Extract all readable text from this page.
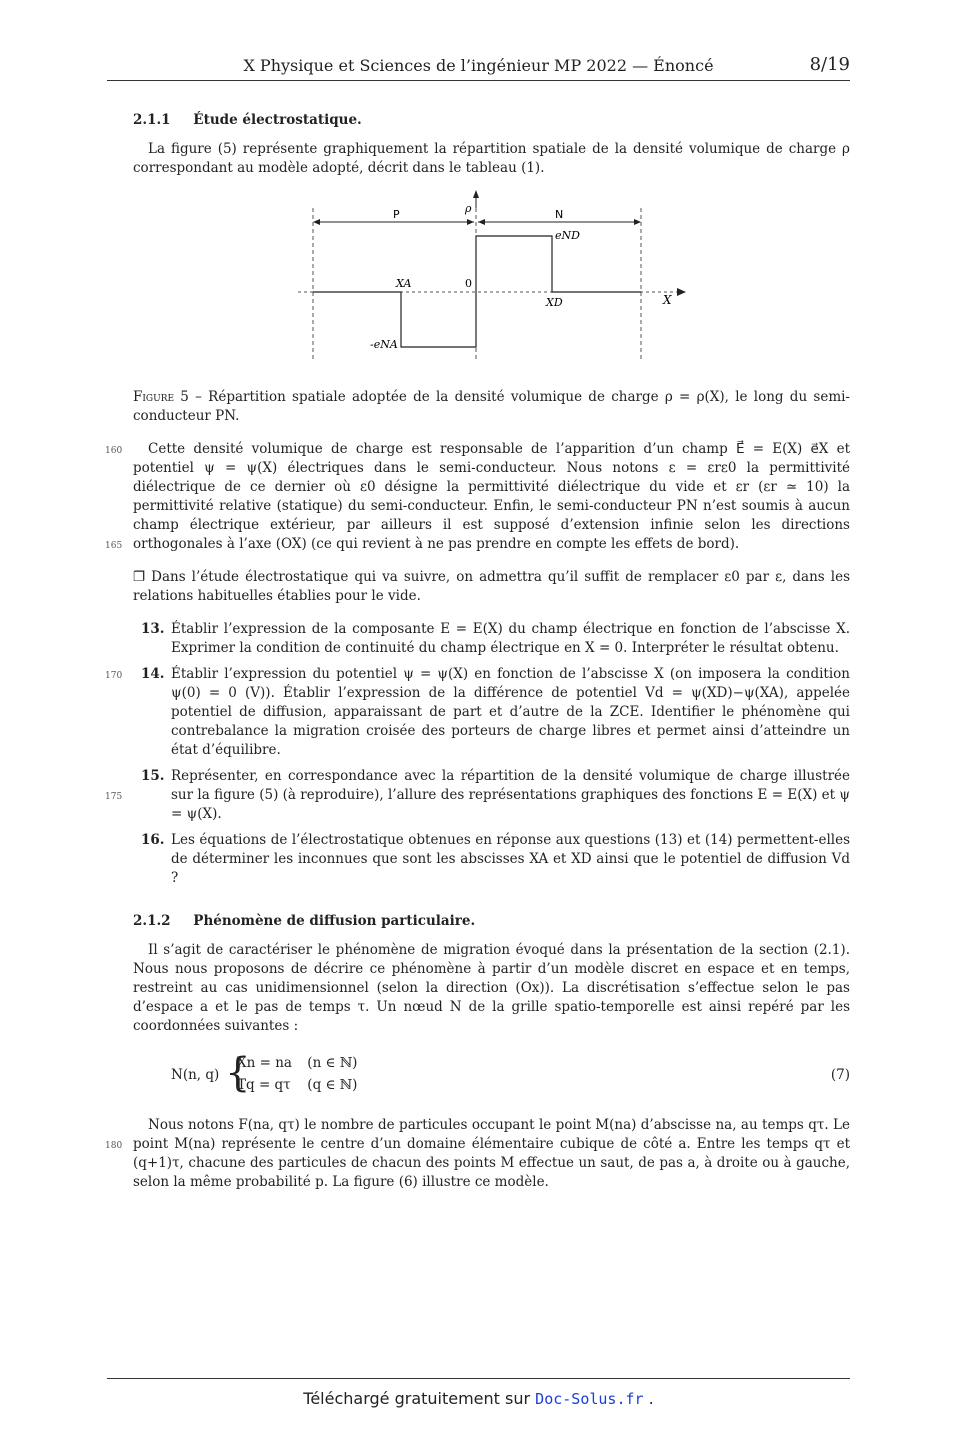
X Physique et Sciences de l’ingénieur MP 2022 — Énoncé	8/19
2.1.1 Étude électrostatique.

La figure (5) représente graphiquement la répartition spatiale de la densité volumique de charge ρ correspondant au modèle adopté, décrit dans le tableau (1).

P	N
ρ
X
0
XA
XD
eND
-eNA

Figure 5 – Répartition spatiale adoptée de la densité volumique de charge ρ = ρ(X), le long du semi-conducteur PN.

160
165

Cette densité volumique de charge est responsable de l’apparition d’un champ E⃗ = E(X) e⃗X et potentiel ψ = ψ(X) électriques dans le semi-conducteur. Nous notons ε = εrε0 la permittivité diélectrique de ce dernier où ε0 désigne la permittivité diélectrique du vide et εr (εr ≃ 10) la permittivité relative (statique) du semi-conducteur. Enfin, le semi-conducteur PN n’est soumis à aucun champ électrique extérieur, par ailleurs il est supposé d’extension infinie selon les directions orthogonales à l’axe (OX) (ce qui revient à ne pas prendre en compte les effets de bord).

❐ Dans l’étude électrostatique qui va suivre, on admettra qu’il suffit de remplacer ε0 par ε, dans les relations habituelles établies pour le vide.

13. Établir l’expression de la composante E = E(X) du champ électrique en fonction de l’abscisse X. Exprimer la condition de continuité du champ électrique en X = 0. Interpréter le résultat obtenu.
170 14. Établir l’expression du potentiel ψ = ψ(X) en fonction de l’abscisse X (on imposera la condition ψ(0) = 0 (V)). Établir l’expression de la différence de potentiel Vd = ψ(XD)−ψ(XA), appelée potentiel de diffusion, apparaissant de part et d’autre de la ZCE. Identifier le phénomène qui contrebalance la migration croisée des porteurs de charge libres et permet ainsi d’atteindre un état d’équilibre.
175
15. Représenter, en correspondance avec la répartition de la densité volumique de charge illustrée sur la figure (5) (à reproduire), l’allure des représentations graphiques des fonctions E = E(X) et ψ = ψ(X).
16. Les équations de l’électrostatique obtenues en réponse aux questions (13) et (14) permettent-elles de déterminer les inconnues que sont les abscisses XA et XD ainsi que le potentiel de diffusion Vd ?
2.1.2 Phénomène de diffusion particulaire.

Il s’agit de caractériser le phénomène de migration évoqué dans la présentation de la section (2.1). Nous nous proposons de décrire ce phénomène à partir d’un modèle discret en espace et en temps, restreint au cas unidimensionnel (selon la direction (Ox)). La discrétisation s’effectue selon le pas d’espace a et le pas de temps τ. Un nœud N de la grille spatio-temporelle est ainsi repéré par les coordonnées suivantes :

N(n, q) {
Xn = na (n ∈ ℕ)
Tq = qτ (q ∈ ℕ)
(7)
180

Nous notons F(na, qτ) le nombre de particules occupant le point M(na) d’abscisse na, au temps qτ. Le point M(na) représente le centre d’un domaine élémentaire cubique de côté a. Entre les temps qτ et (q+1)τ, chacune des particules de chacun des points M effectue un saut, de pas a, à droite ou à gauche, selon la même probabilité p. La figure (6) illustre ce modèle.

Téléchargé gratuitement sur Doc-Solus.fr .
